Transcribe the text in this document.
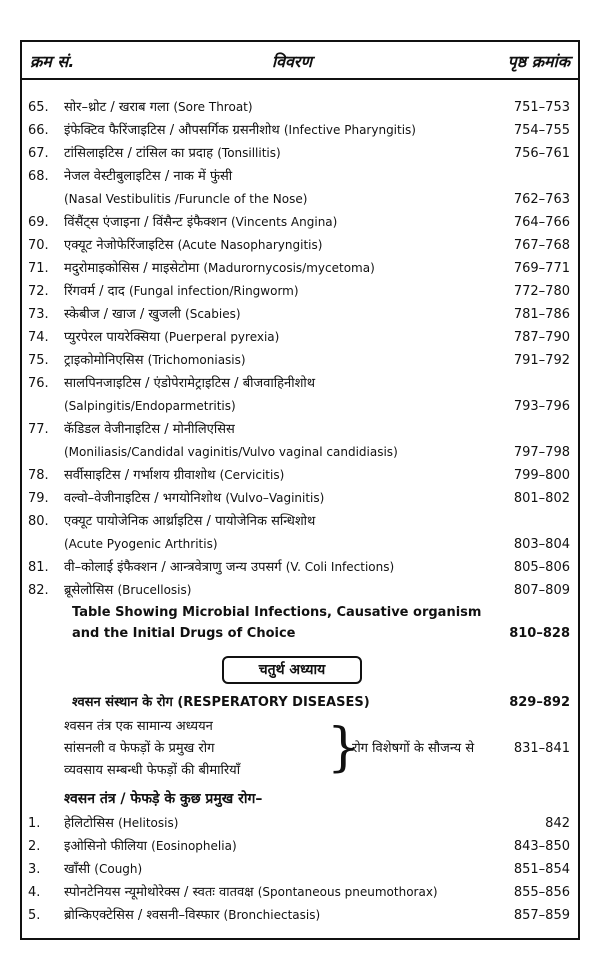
क्रम सं.	विवरण	पृष्ठ क्रमांक
65.	सोर–थ्रोट / खराब गला (Sore Throat)	751–753
66.	इंफेक्टिव फैरिंजाइटिस / औपसर्गिक ग्रसनीशोथ (Infective Pharyngitis)	754–755
67.	टांसिलाइटिस / टांसिल का प्रदाह (Tonsillitis)	756–761
68.	नेजल वेस्टीबुलाइटिस / नाक में फुंसी
(Nasal Vestibulitis /Furuncle of the Nose)	762–763
69.	विंसैंट्स एंजाइना / विंसैन्ट इंफैक्शन (Vincents Angina)	764–766
70.	एक्यूट नेजोफेरिंजाइटिस (Acute Nasopharyngitis)	767–768
71.	मदुरोमाइकोसिस / माइसेटोमा (Madurornycosis/mycetoma)	769–771
72.	रिंगवर्म / दाद (Fungal infection/Ringworm)	772–780
73.	स्केबीज / खाज / खुजली (Scabies)	781–786
74.	प्युरपेरल पायरेक्सिया (Puerperal pyrexia)	787–790
75.	ट्राइकोमोनिएसिस (Trichomoniasis)	791–792
76.	सालपिनजाइटिस / एंडोपेरामेट्राइटिस / बीजवाहिनीशोथ
(Salpingitis/Endoparmetritis)	793–796
77.	कॅडिडल वेजीनाइटिस / मोनीलिएसिस
(Moniliasis/Candidal vaginitis/Vulvo vaginal candidiasis)	797–798
78.	सर्वीसाइटिस / गर्भाशय ग्रीवाशोथ (Cervicitis)	799–800
79.	वल्वो–वेजीनाइटिस / भगयोनिशोथ (Vulvo–Vaginitis)	801–802
80.	एक्यूट पायोजेनिक आर्थ्राइटिस / पायोजेनिक सन्धिशोथ
(Acute Pyogenic Arthritis)	803–804
81.	वी–कोलाई इंफैक्शन / आन्त्रवेत्राणु जन्य उपसर्ग (V. Coli Infections)	805–806
82.	ब्रूसेलोसिस (Brucellosis)	807–809
Table Showing Microbial Infections, Causative organism
and the Initial Drugs of Choice	810–828
चतुर्थ अध्याय
श्वसन संस्थान के रोग (RESPERATORY DISEASES)	829–892
श्वसन तंत्र एक सामान्य अध्ययन
सांसनली व फेफड़ों के प्रमुख रोग
व्यवसाय सम्बन्धी फेफड़ों की बीमारियाँ }
रोग विशेषगों के सौजन्य से	831–841
श्वसन तंत्र / फेफड़े के कुछ प्रमुख रोग–
1.	हेलिटोसिस (Helitosis)	842
2.	इओसिनो फीलिया (Eosinophelia)	843–850
3.	खाँसी (Cough)	851–854
4.	स्पोनटेनियस न्यूमोथोरेक्स / स्वतः वातवक्ष (Spontaneous pneumothorax)	855–856
5.	ब्रोन्किएक्टेसिस / श्वसनी–विस्फार (Bronchiectasis)	857–859
